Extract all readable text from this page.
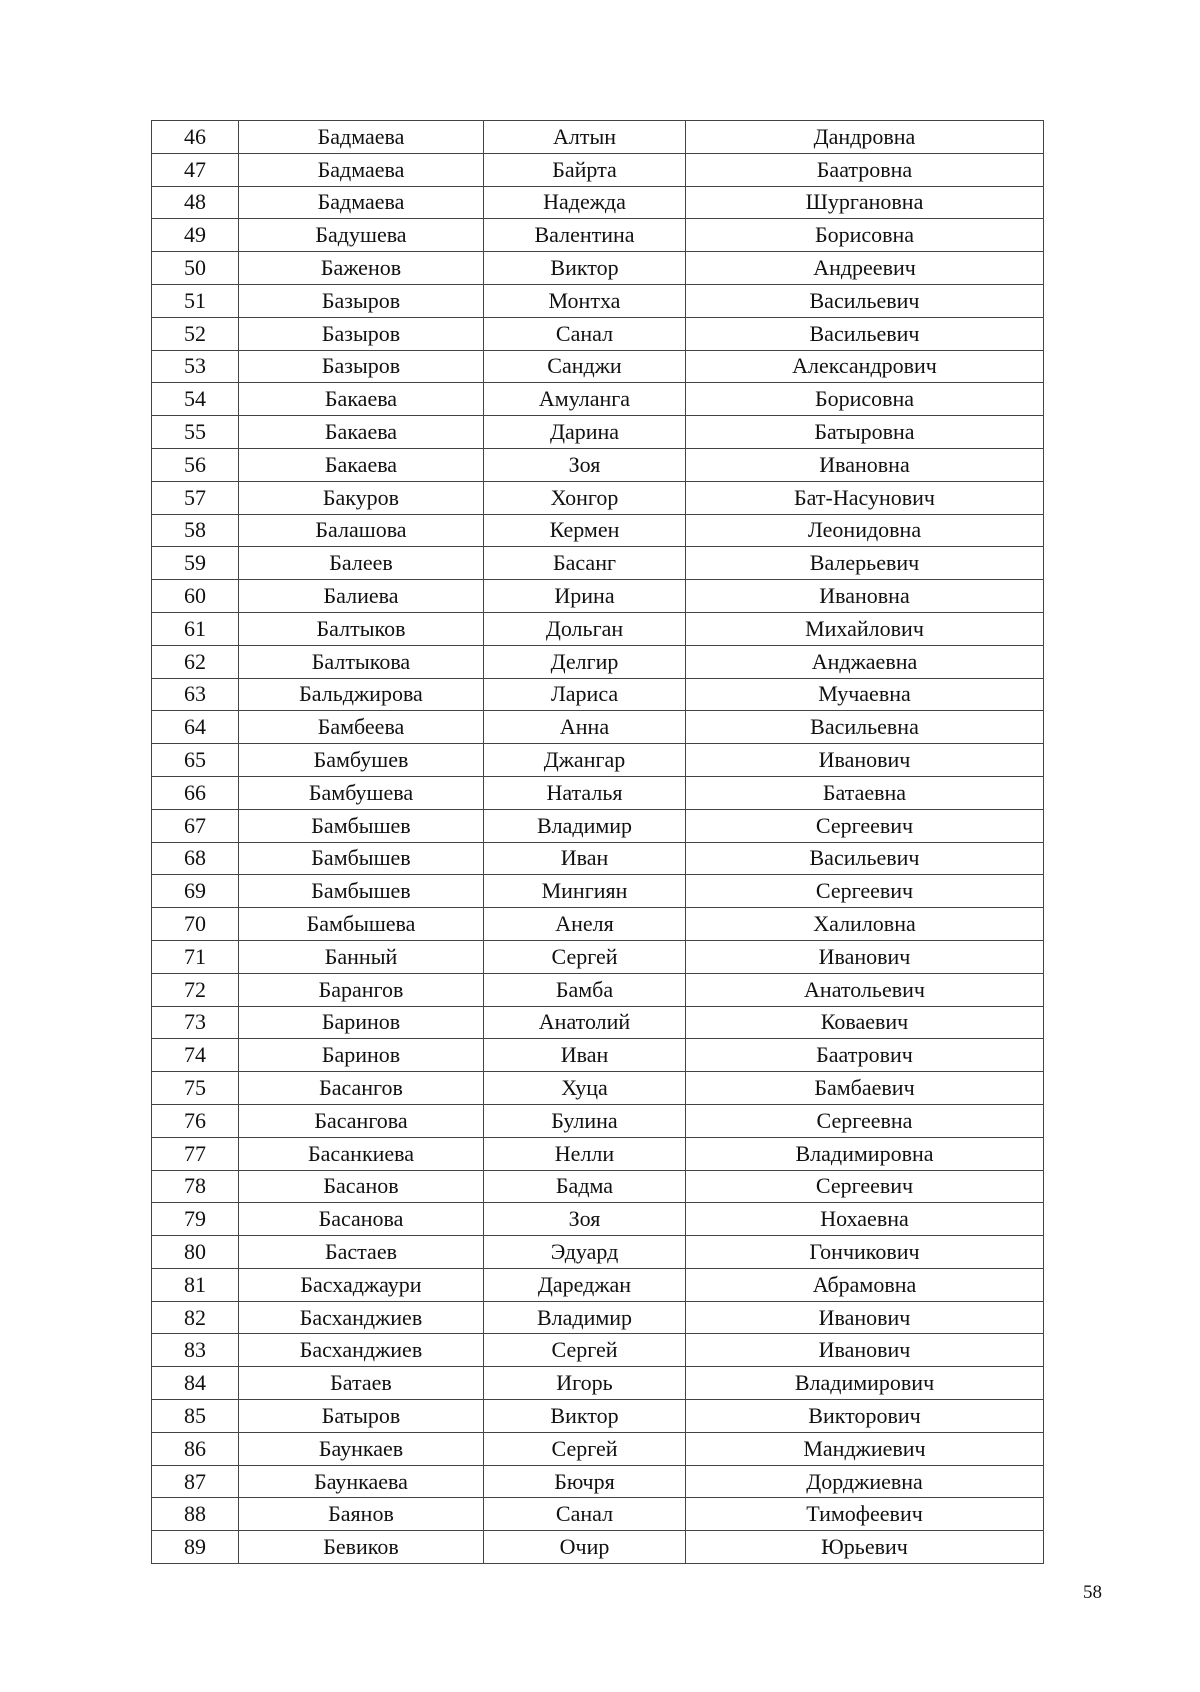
46	Бадмаева	Алтын	Дандровна
47	Бадмаева	Байрта	Баатровна
48	Бадмаева	Надежда	Шургановна
49	Бадушева	Валентина	Борисовна
50	Баженов	Виктор	Андреевич
51	Базыров	Монтха	Васильевич
52	Базыров	Санал	Васильевич
53	Базыров	Санджи	Александрович
54	Бакаева	Амуланга	Борисовна
55	Бакаева	Дарина	Батыровна
56	Бакаева	Зоя	Ивановна
57	Бакуров	Хонгор	Бат-Насунович
58	Балашова	Кермен	Леонидовна
59	Балеев	Басанг	Валерьевич
60	Балиева	Ирина	Ивановна
61	Балтыков	Дольган	Михайлович
62	Балтыкова	Делгир	Анджаевна
63	Бальджирова	Лариса	Мучаевна
64	Бамбеева	Анна	Васильевна
65	Бамбушев	Джангар	Иванович
66	Бамбушева	Наталья	Батаевна
67	Бамбышев	Владимир	Сергеевич
68	Бамбышев	Иван	Васильевич
69	Бамбышев	Мингиян	Сергеевич
70	Бамбышева	Анеля	Халиловна
71	Банный	Сергей	Иванович
72	Барангов	Бамба	Анатольевич
73	Баринов	Анатолий	Коваевич
74	Баринов	Иван	Баатрович
75	Басангов	Хуца	Бамбаевич
76	Басангова	Булина	Сергеевна
77	Басанкиева	Нелли	Владимировна
78	Басанов	Бадма	Сергеевич
79	Басанова	Зоя	Нохаевна
80	Бастаев	Эдуард	Гончикович
81	Басхаджаури	Дареджан	Абрамовна
82	Басханджиев	Владимир	Иванович
83	Басханджиев	Сергей	Иванович
84	Батаев	Игорь	Владимирович
85	Батыров	Виктор	Викторович
86	Баункаев	Сергей	Манджиевич
87	Баункаева	Бючря	Дорджиевна
88	Баянов	Санал	Тимофеевич
89	Бевиков	Очир	Юрьевич
58
